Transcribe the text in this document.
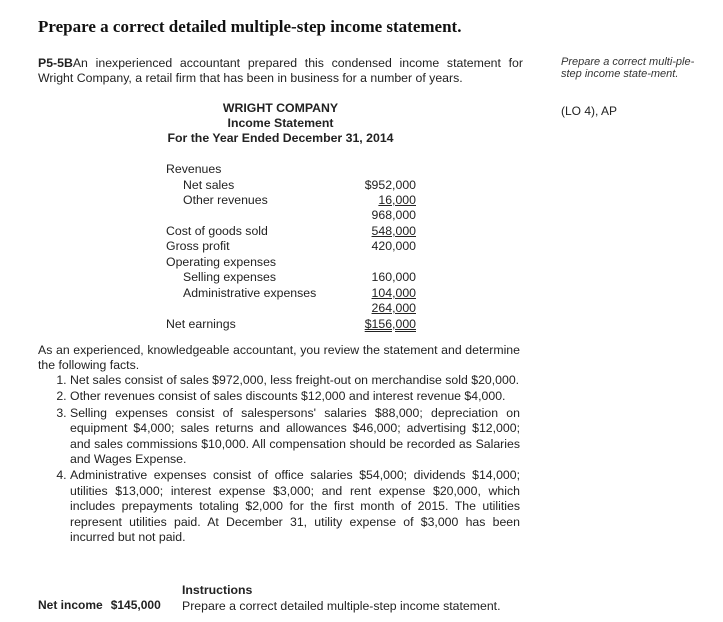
Prepare a correct detailed multiple-step income statement.
P5-5BAn inexperienced accountant prepared this condensed income statement for Wright Company, a retail firm that has been in business for a number of years.
Prepare a correct multi-ple-step income state-ment.
(LO 4), AP
WRIGHT COMPANY
Income Statement
For the Year Ended December 31, 2014
Revenues
Net sales	$952,000
Other revenues	16,000
968,000
Cost of goods sold	548,000
Gross profit	420,000
Operating expenses
Selling expenses	160,000
Administrative expenses	104,000
264,000
Net earnings	$156,000
As an experienced, knowledgeable accountant, you review the statement and determine the following facts.
1. Net sales consist of sales $972,000, less freight-out on merchandise sold $20,000.
2. Other revenues consist of sales discounts $12,000 and interest revenue $4,000.
3. Selling expenses consist of salespersons' salaries $88,000; depreciation on equipment $4,000; sales returns and allowances $46,000; advertising $12,000; and sales commissions $10,000. All compensation should be recorded as Salaries and Wages Expense.
4. Administrative expenses consist of office salaries $54,000; dividends $14,000; utilities $13,000; interest expense $3,000; and rent expense $20,000, which includes prepayments totaling $2,000 for the first month of 2015. The utilities represent utilities paid. At December 31, utility expense of $3,000 has been incurred but not paid.
Instructions
Prepare a correct detailed multiple-step income statement.
Net income $145,000
